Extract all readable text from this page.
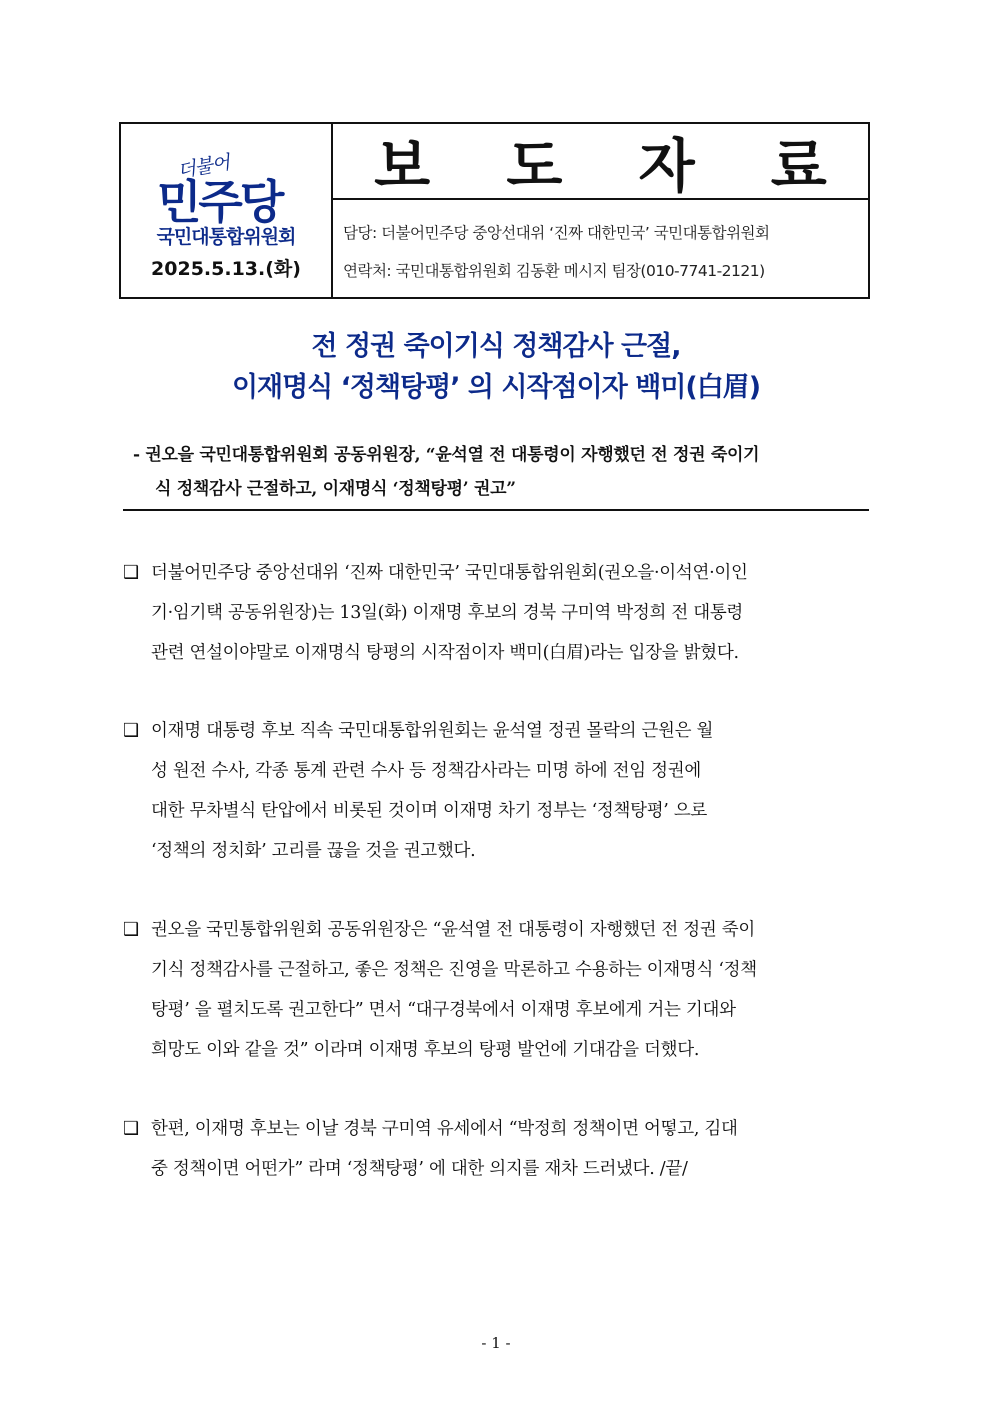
더불어
민주당
국민대통합위원회
2025.5.13.(화)
보 도 자 료
담당: 더불어민주당 중앙선대위 ‘진짜 대한민국’ 국민대통합위원회
연락처: 국민대통합위원회 김동환 메시지 팀장(010-7741-2121)
전 정권 죽이기식 정책감사 근절,
이재명식 ‘정책탕평’ 의 시작점이자 백미(白眉)
- 권오을 국민대통합위원회 공동위원장, “윤석열 전 대통령이 자행했던 전 정권 죽이기
식 정책감사 근절하고, 이재명식 ‘정책탕평’ 권고”
❑ 더불어민주당 중앙선대위 ‘진짜 대한민국’ 국민대통합위원회(권오을·이석연·이인
기·임기택 공동위원장)는 13일(화) 이재명 후보의 경북 구미역 박정희 전 대통령
관련 연설이야말로 이재명식 탕평의 시작점이자 백미(白眉)라는 입장을 밝혔다.
❑ 이재명 대통령 후보 직속 국민대통합위원회는 윤석열 정권 몰락의 근원은 월
성 원전 수사, 각종 통계 관련 수사 등 정책감사라는 미명 하에 전임 정권에
대한 무차별식 탄압에서 비롯된 것이며 이재명 차기 정부는 ‘정책탕평’ 으로
‘정책의 정치화’ 고리를 끊을 것을 권고했다.
❑ 권오을 국민통합위원회 공동위원장은 “윤석열 전 대통령이 자행했던 전 정권 죽이
기식 정책감사를 근절하고, 좋은 정책은 진영을 막론하고 수용하는 이재명식 ‘정책
탕평’ 을 펼치도록 권고한다” 면서 “대구경북에서 이재명 후보에게 거는 기대와
희망도 이와 같을 것” 이라며 이재명 후보의 탕평 발언에 기대감을 더했다.
❑ 한편, 이재명 후보는 이날 경북 구미역 유세에서 “박정희 정책이면 어떻고, 김대
중 정책이면 어떤가” 라며 ‘정책탕평’ 에 대한 의지를 재차 드러냈다. /끝/
- 1 -
